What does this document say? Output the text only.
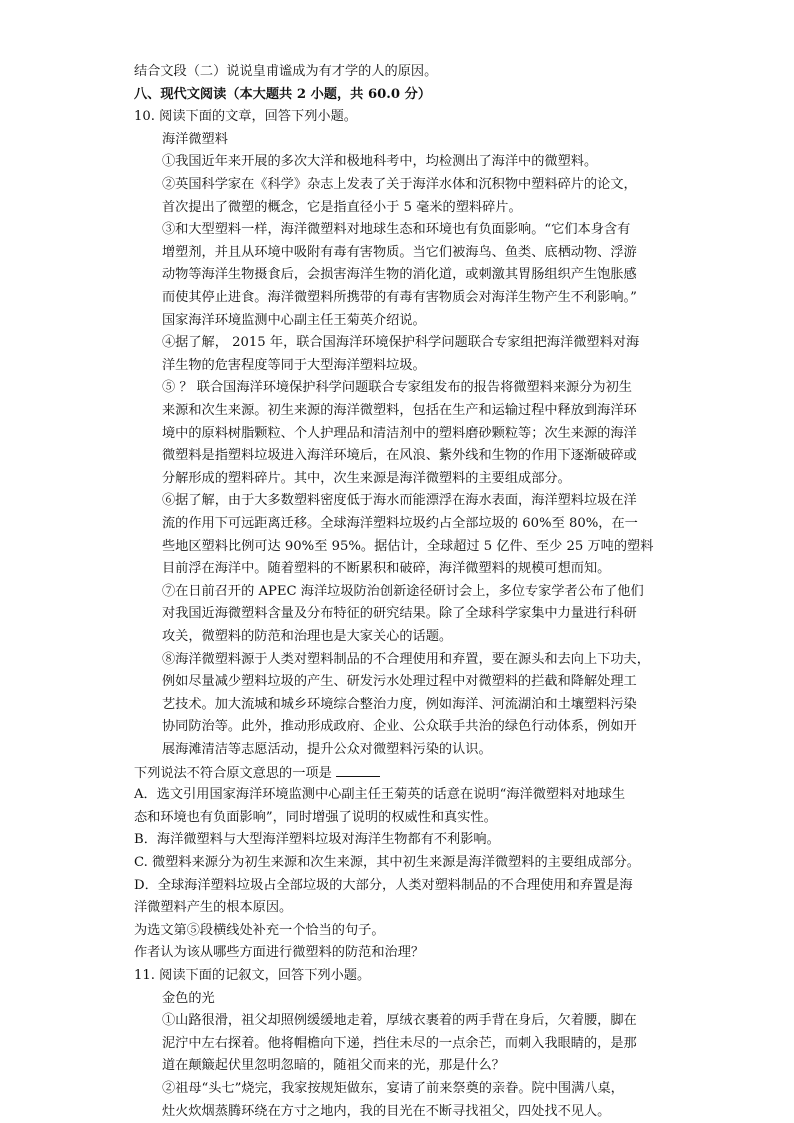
结合文段（二）说说皇甫谧成为有才学的人的原因。
八、现代文阅读（本大题共 2 小题，共 60.0 分）
10. 阅读下面的文章，回答下列小题。
海洋微塑料
①我国近年来开展的多次大洋和极地科考中，均检测出了海洋中的微塑料。
②英国科学家在《科学》杂志上发表了关于海洋水体和沉积物中塑料碎片的论文，
首次提出了微塑的概念，它是指直径小于 5 毫米的塑料碎片。
③和大型塑料一样，海洋微塑料对地球生态和环境也有负面影响。“它们本身含有
增塑剂，并且从环境中吸附有毒有害物质。当它们被海鸟、鱼类、底栖动物、浮游
动物等海洋生物摄食后，会损害海洋生物的消化道，或刺激其胃肠组织产生饱胀感
而使其停止进食。海洋微塑料所携带的有毒有害物质会对海洋生物产生不利影响。”
国家海洋环境监测中心副主任王菊英介绍说。
④据了解， 2015 年，联合国海洋环境保护科学问题联合专家组把海洋微塑料对海
洋生物的危害程度等同于大型海洋塑料垃圾。
⑤ ？ 联合国海洋环境保护科学问题联合专家组发布的报告将微塑料来源分为初生
来源和次生来源。初生来源的海洋微塑料，包括在生产和运输过程中释放到海洋环
境中的原料树脂颗粒、个人护理品和清洁剂中的塑料磨砂颗粒等；次生来源的海洋
微塑料是指塑料垃圾进入海洋环境后，在风浪、紫外线和生物的作用下逐渐破碎或
分解形成的塑料碎片。其中，次生来源是海洋微塑料的主要组成部分。
⑥据了解，由于大多数塑料密度低于海水而能漂浮在海水表面，海洋塑料垃圾在洋
流的作用下可远距离迁移。全球海洋塑料垃圾约占全部垃圾的 60%至 80%，在一
些地区塑料比例可达 90%至 95%。据估计，全球超过 5 亿件、至少 25 万吨的塑料
目前浮在海洋中。随着塑料的不断累积和破碎，海洋微塑料的规模可想而知。
⑦在日前召开的 APEC 海洋垃圾防治创新途径研讨会上，多位专家学者公布了他们
对我国近海微塑料含量及分布特征的研究结果。除了全球科学家集中力量进行科研
攻关，微塑料的防范和治理也是大家关心的话题。
⑧海洋微塑料源于人类对塑料制品的不合理使用和弃置，要在源头和去向上下功夫，
例如尽量减少塑料垃圾的产生、研发污水处理过程中对微塑料的拦截和降解处理工
艺技术。加大流城和城乡环境综合整治力度，例如海洋、河流湖泊和土壤塑料污染
协同防治等。此外，推动形成政府、企业、公众联手共治的绿色行动体系，例如开
展海滩清洁等志愿活动，提升公众对微塑料污染的认识。
下列说法不符合原文意思的一项是
A．选文引用国家海洋环境监测中心副主任王菊英的话意在说明“海洋微塑料对地球生
态和环境也有负面影响”，同时增强了说明的权威性和真实性。
B．海洋微塑料与大型海洋塑料垃圾对海洋生物都有不利影响。
C. 微塑料来源分为初生来源和次生来源，其中初生来源是海洋微塑料的主要组成部分。
D．全球海洋塑料垃圾占全部垃圾的大部分，人类对塑料制品的不合理使用和弃置是海
洋微塑料产生的根本原因。
为选文第⑤段横线处补充一个恰当的句子。
作者认为该从哪些方面进行微塑料的防范和治理？
11. 阅读下面的记叙文，回答下列小题。
金色的光
①山路很滑，祖父却照例缓缓地走着，厚绒衣裹着的两手背在身后，欠着腰，脚在
泥泞中左右探着。他将帽檐向下递，挡住未尽的一点余芒，而刺入我眼睛的，是那
道在颠簸起伏里忽明忽暗的，随祖父而来的光，那是什么？
②祖母“头七”烧完，我家按规矩做东，宴请了前来祭奠的亲眷。院中围满八桌，
灶火炊烟蒸腾环绕在方寸之地内，我的目光在不断寻找祖父，四处找不见人。
